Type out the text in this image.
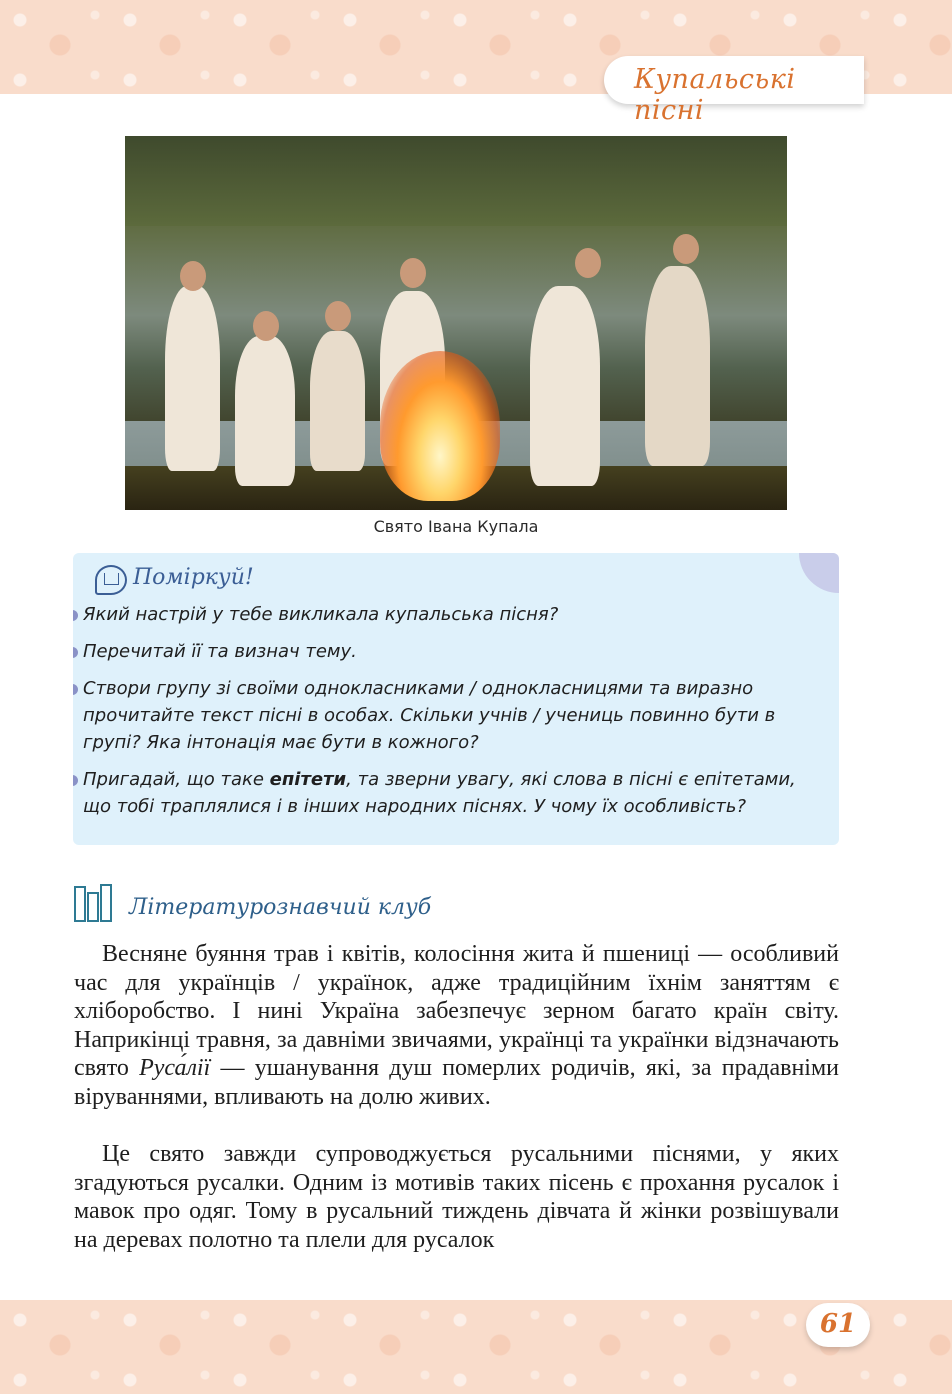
Купальські пісні
Свято Івана Купала
Поміркуй!
Який настрій у тебе викликала купальська пісня?
Перечитай її та визнач тему.
Створи групу зі своїми однокласниками / однокласницями та виразно прочитайте текст пісні в особах. Скільки учнів / учениць повинно бути в групі? Яка інтонація має бути в кожного?
Пригадай, що таке епітети, та зверни увагу, які слова в пісні є епітетами, що тобі траплялися і в інших народних піснях. У чому їх особливість?
Літературознавчий клуб

Весняне буяння трав і квітів, колосіння жита й пшениці — особливий час для українців / українок, адже традиційним їхнім заняттям є хліборобство. І нині Україна забезпечує зерном багато країн світу. Наприкінці травня, за давніми звичаями, українці та українки відзначають свято Руса́лії — ушанування душ померлих родичів, які, за прадавніми віруваннями, впливають на долю живих.

Це свято завжди супроводжується русальними піснями, у яких згадуються русалки. Одним із мотивів таких пісень є прохання русалок і мавок про одяг. Тому в русальний тиждень дівчата й жінки розвішували на деревах полотно та плели для русалок

61
